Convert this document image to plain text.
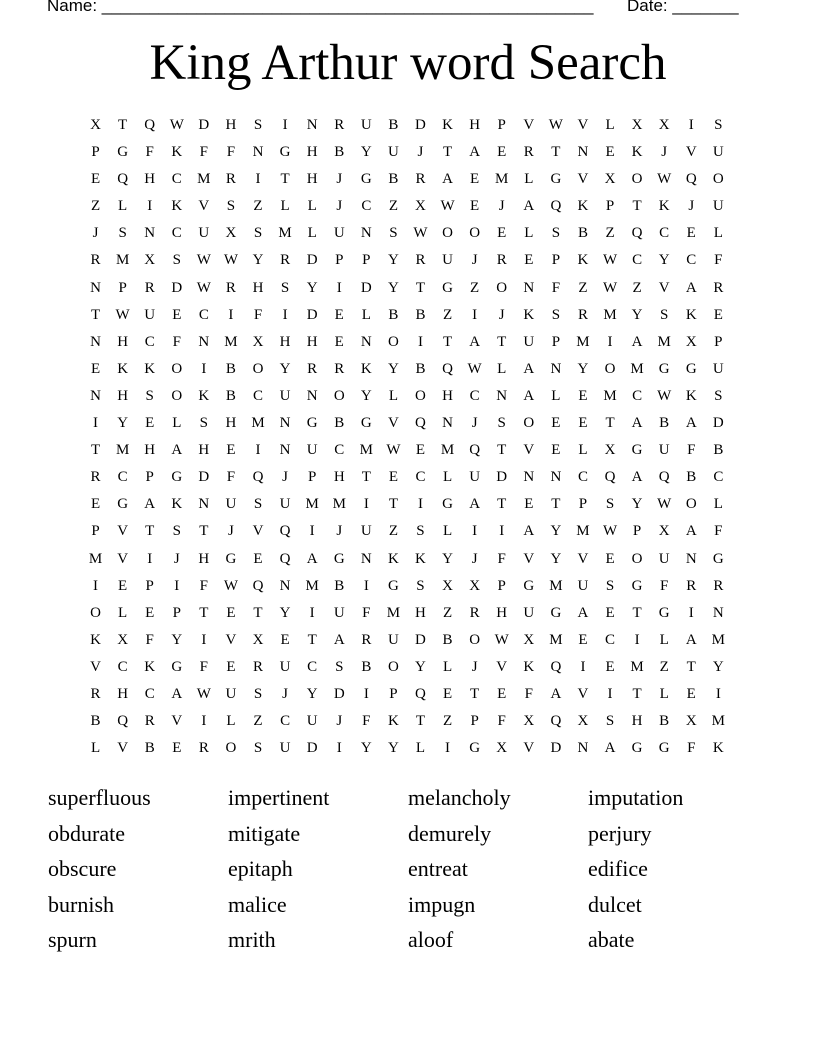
Name: ____________________________________________________ Date: _______
King Arthur word Search
X	T	Q W D	H	S	I	N	R	U	B	D	K	H	P	V W V	L	X	X	I	S
P	G	F	K	F	F	N	G	H	B	Y	U	J	T	A	E	R	T	N	E	K	J	V	U
E	Q	H	C	M	R	I	T	H	J	G	B	R	A	E	M	L	G	V	X	O W Q	O
Z	L	I	K	V	S	Z	L	L	J	C	Z	X W	E	J	A	Q	K	P	T	K	J	U
J	S	N	C	U	X	S	M	L	U	N	S	W O	O	E	L	S	B	Z	Q	C	E	L
R	M X	S	W W Y	R	D	P	P	Y	R	U	J	R	E	P	K W C	Y	C	F
N	P	R	D W R	H	S	Y	I	D	Y	T	G	Z	O	N	F	Z	W	Z	V	A	R
T	W U	E	C	I	F	I	D	E	L	B	B	Z	I	J	K	S	R	M Y	S	K	E
N	H	C	F	N M X	H	H	E	N	O	I	T	A	T	U	P	M	I	A M X	P
E	K	K	O	I	B	O	Y	R	R	K	Y	B	Q W	L	A	N	Y	O M G	G	U
N	H	S	O	K	B	C	U	N	O	Y	L	O	H	C	N	A	L	E	M	C W K	S
I	Y	E	L	S	H M N	G	B	G	V	Q	N	J	S	O	E	E	T	A	B	A	D
T	M H	A	H	E	I	N	U	C	M W	E	M Q	T	V	E	L	X	G	U	F	B
R	C	P	G	D	F	Q	J	P	H	T	E	C	L	U	D	N	N	C	Q	A	Q	B	C
E	G	A	K	N	U	S	U M M	I	T	I	G	A	T	E	T	P	S	Y W O	L
P	V	T	S	T	J	V	Q	I	J	U	Z	S	L	I	I	A	Y M W	P	X	A	F
M V	I	J	H	G	E	Q	A	G	N	K	K	Y	J	F	V	Y	V	E	O	U	N	G
I	E	P	I	F	W Q	N M	B	I	G	S	X	X	P	G M U	S	G	F	R	R
O	L	E	P	T	E	T	Y	I	U	F	M H	Z	R	H	U	G	A	E	T	G	I	N
K	X	F	Y	I	V	X	E	T	A	R	U	D	B	O W X M	E	C	I	L	A M
V	C	K	G	F	E	R	U	C	S	B	O	Y	L	J	V	K	Q	I	E	M	Z	T	Y
R	H	C	A W U	S	J	Y	D	I	P	Q	E	T	E	F	A	V	I	T	L	E	I
B	Q	R	V	I	L	Z	C	U	J	F	K	T	Z	P	F	X	Q	X	S	H	B	X M
L	V	B	E	R	O	S	U	D	I	Y	Y	L	I	G	X	V	D	N	A	G	G	F	K
superfluous	impertinent	melancholy	imputation
obdurate	mitigate	demurely	perjury
obscure	epitaph	entreat	edifice
burnish	malice	impugn	dulcet
spurn	mrith	aloof	abate
